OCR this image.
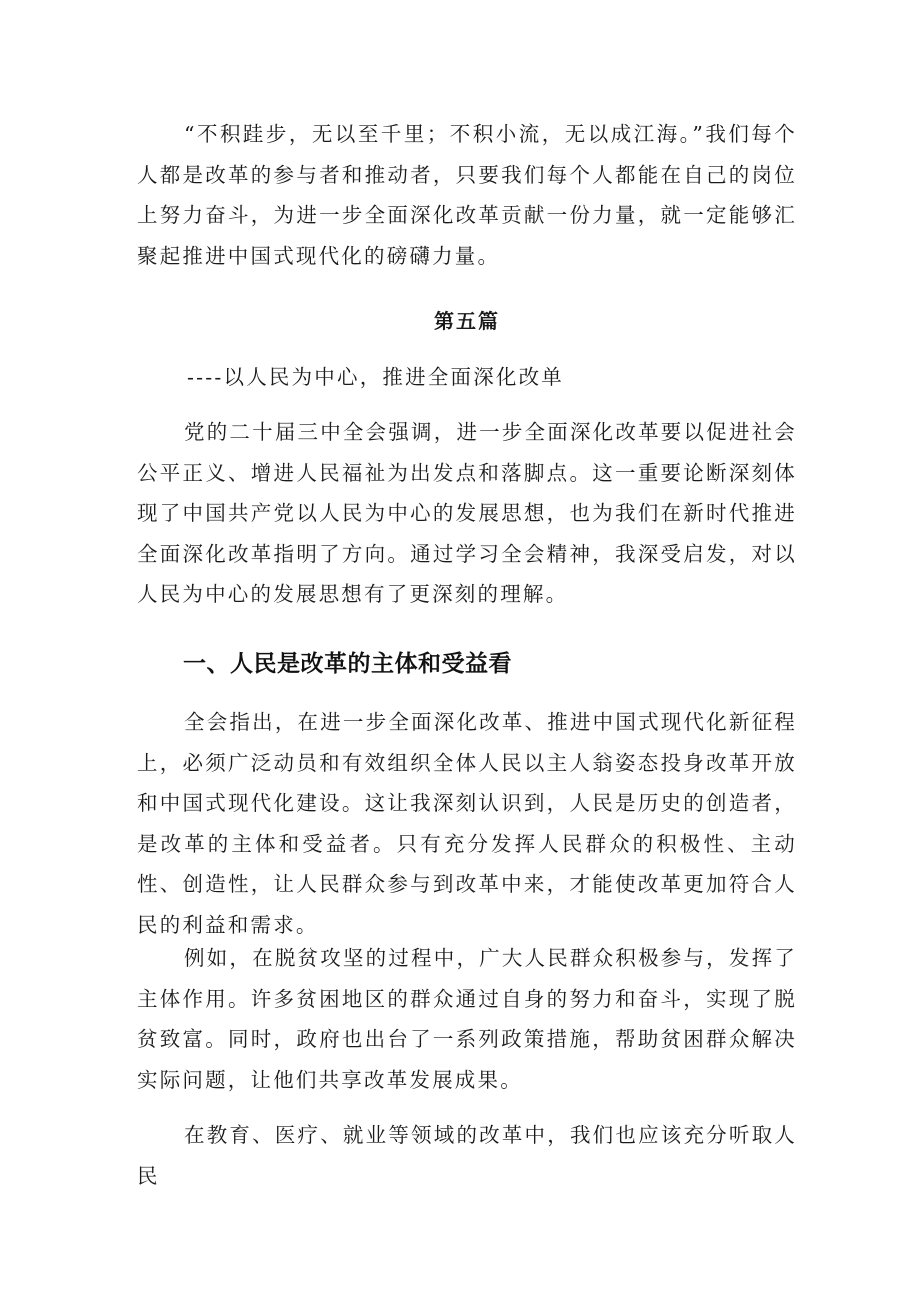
“不积跬步，无以至千里；不积小流，无以成江海。”我们每个人都是改革的参与者和推动者，只要我们每个人都能在自己的岗位上努力奋斗，为进一步全面深化改革贡献一份力量，就一定能够汇聚起推进中国式现代化的磅礴力量。

第五篇

----以人民为中心，推进全面深化改单

党的二十届三中全会强调，进一步全面深化改革要以促进社会公平正义、增进人民福祉为出发点和落脚点。这一重要论断深刻体现了中国共产党以人民为中心的发展思想，也为我们在新时代推进全面深化改革指明了方向。通过学习全会精神，我深受启发，对以人民为中心的发展思想有了更深刻的理解。

一、人民是改革的主体和受益看

全会指出，在进一步全面深化改革、推进中国式现代化新征程上，必须广泛动员和有效组织全体人民以主人翁姿态投身改革开放和中国式现代化建设。这让我深刻认识到，人民是历史的创造者，是改革的主体和受益者。只有充分发挥人民群众的积极性、主动性、创造性，让人民群众参与到改革中来，才能使改革更加符合人民的利益和需求。

例如，在脱贫攻坚的过程中，广大人民群众积极参与，发挥了主体作用。许多贫困地区的群众通过自身的努力和奋斗，实现了脱贫致富。同时，政府也出台了一系列政策措施，帮助贫困群众解决实际问题，让他们共享改革发展成果。

在教育、医疗、就业等领域的改革中，我们也应该充分听取人民
